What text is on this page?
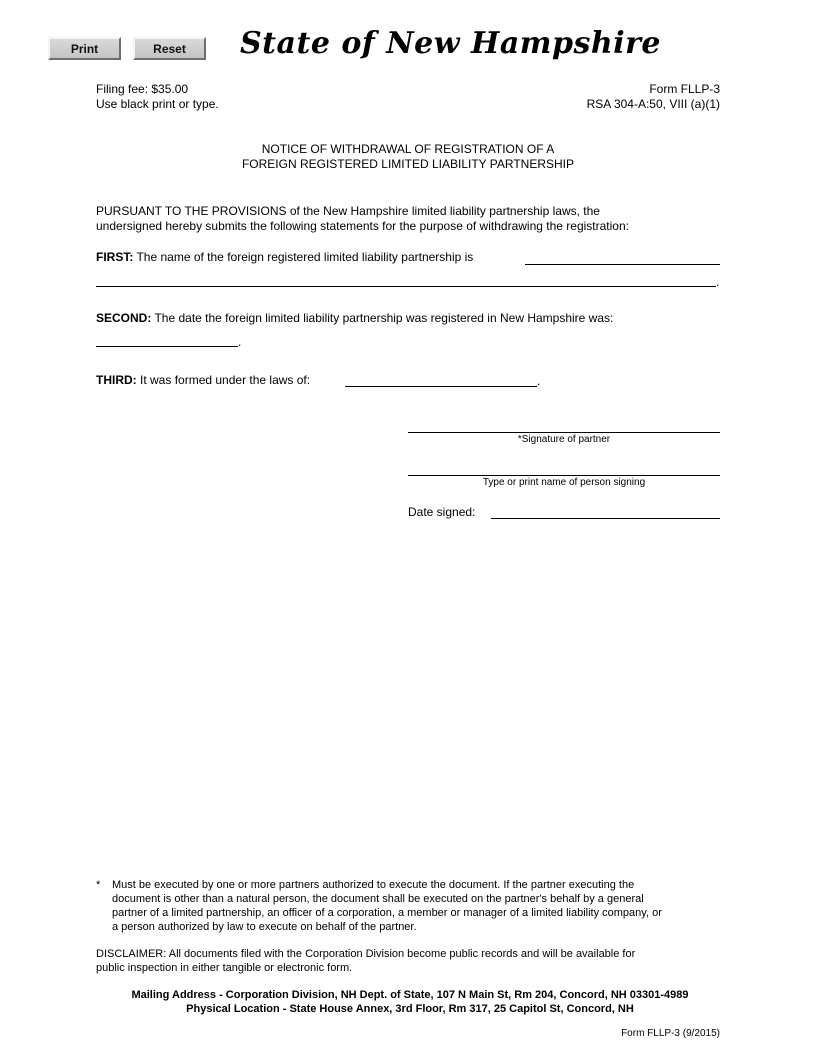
Print	Reset	State of New Hampshire
Filing fee: $35.00
Use black print or type.
Form FLLP-3
RSA 304-A:50, VIII (a)(1)
NOTICE OF WITHDRAWAL OF REGISTRATION OF A
FOREIGN REGISTERED LIMITED LIABILITY PARTNERSHIP
PURSUANT TO THE PROVISIONS of the New Hampshire limited liability partnership laws, the
undersigned hereby submits the following statements for the purpose of withdrawing the registration:
FIRST: The name of the foreign registered limited liability partnership is
.
SECOND: The date the foreign limited liability partnership was registered in New Hampshire was:
.
THIRD: It was formed under the laws of:	.
*Signature of partner
Type or print name of person signing
Date signed:
* Must be executed by one or more partners authorized to execute the document. If the partner executing the
document is other than a natural person, the document shall be executed on the partner's behalf by a general
partner of a limited partnership, an officer of a corporation, a member or manager of a limited liability company, or
a person authorized by law to execute on behalf of the partner.
DISCLAIMER: All documents filed with the Corporation Division become public records and will be available for
public inspection in either tangible or electronic form.
Mailing Address - Corporation Division, NH Dept. of State, 107 N Main St, Rm 204, Concord, NH 03301-4989
Physical Location - State House Annex, 3rd Floor, Rm 317, 25 Capitol St, Concord, NH
Form FLLP-3 (9/2015)
